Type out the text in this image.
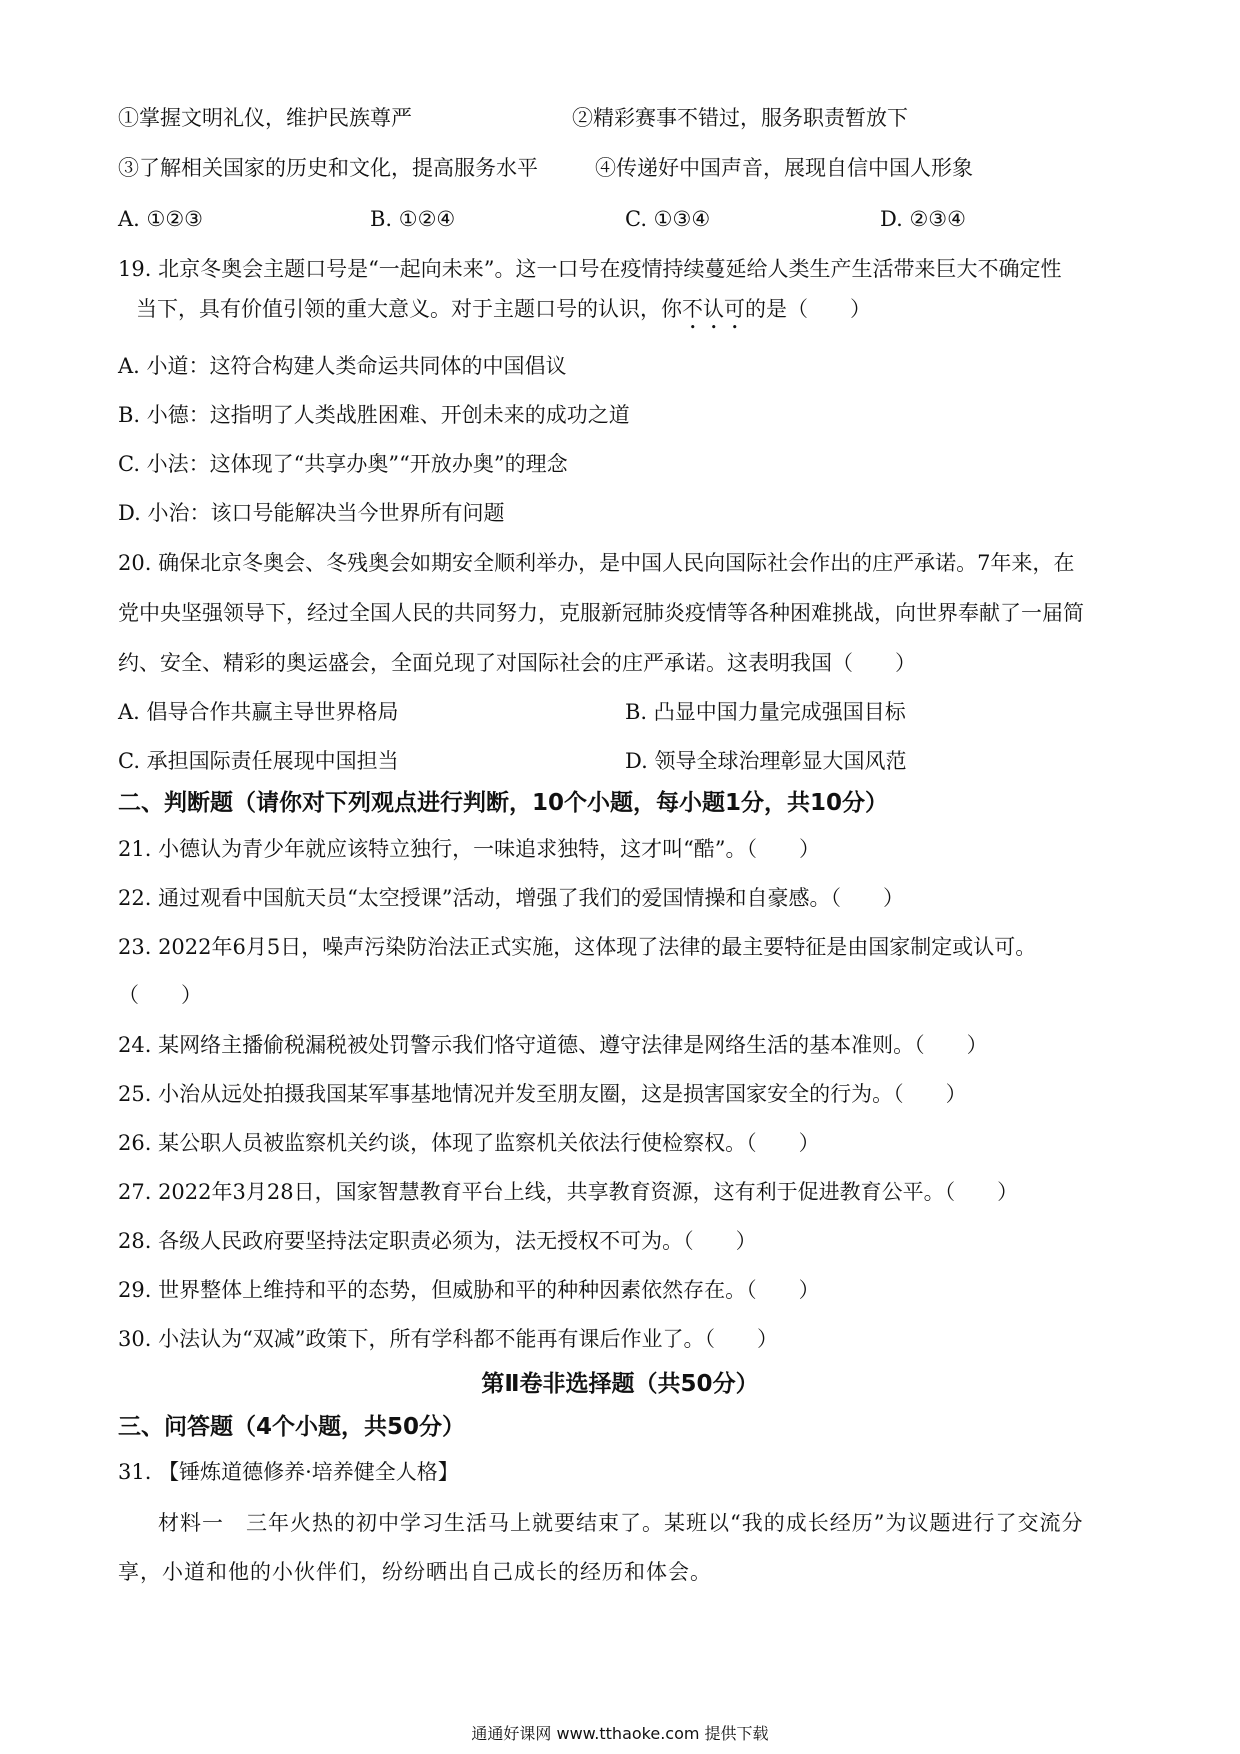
①掌握文明礼仪，维护民族尊严	②精彩赛事不错过，服务职责暂放下
③了解相关国家的历史和文化，提高服务水平	④传递好中国声音，展现自信中国人形象
A. ①②③	B. ①②④	C. ①③④	D. ②③④
19. 北京冬奥会主题口号是“一起向未来”。这一口号在疫情持续蔓延给人类生产生活带来巨大不确定性
当下，具有价值引领的重大意义。对于主题口号的认识，你不认可的是（　　）
A. 小道：这符合构建人类命运共同体的中国倡议
B. 小德：这指明了人类战胜困难、开创未来的成功之道
C. 小法：这体现了“共享办奥”“开放办奥”的理念
D. 小治：该口号能解决当今世界所有问题
20. 确保北京冬奥会、冬残奥会如期安全顺利举办，是中国人民向国际社会作出的庄严承诺。7年来，在
党中央坚强领导下，经过全国人民的共同努力，克服新冠肺炎疫情等各种困难挑战，向世界奉献了一届简
约、安全、精彩的奥运盛会，全面兑现了对国际社会的庄严承诺。这表明我国（　　）
A. 倡导合作共赢主导世界格局	B. 凸显中国力量完成强国目标
C. 承担国际责任展现中国担当	D. 领导全球治理彰显大国风范
二、判断题（请你对下列观点进行判断，10个小题，每小题1分，共10分）
21. 小德认为青少年就应该特立独行，一味追求独特，这才叫“酷”。（　　）
22. 通过观看中国航天员“太空授课”活动，增强了我们的爱国情操和自豪感。（　　）
23. 2022年6月5日，噪声污染防治法正式实施，这体现了法律的最主要特征是由国家制定或认可。
（　　）
24. 某网络主播偷税漏税被处罚警示我们恪守道德、遵守法律是网络生活的基本准则。（　　）
25. 小治从远处拍摄我国某军事基地情况并发至朋友圈，这是损害国家安全的行为。（　　）
26. 某公职人员被监察机关约谈，体现了监察机关依法行使检察权。（　　）
27. 2022年3月28日，国家智慧教育平台上线，共享教育资源，这有利于促进教育公平。（　　）
28. 各级人民政府要坚持法定职责必须为，法无授权不可为。（　　）
29. 世界整体上维持和平的态势，但威胁和平的种种因素依然存在。（　　）
30. 小法认为“双减”政策下，所有学科都不能再有课后作业了。（　　）
第Ⅱ卷非选择题（共50分）
三、问答题（4个小题，共50分）
31. 【锤炼道德修养·培养健全人格】
材料一　三年火热的初中学习生活马上就要结束了。某班以“我的成长经历”为议题进行了交流分
享，小道和他的小伙伴们，纷纷晒出自己成长的经历和体会。
通通好课网 www.tthaoke.com 提供下载
